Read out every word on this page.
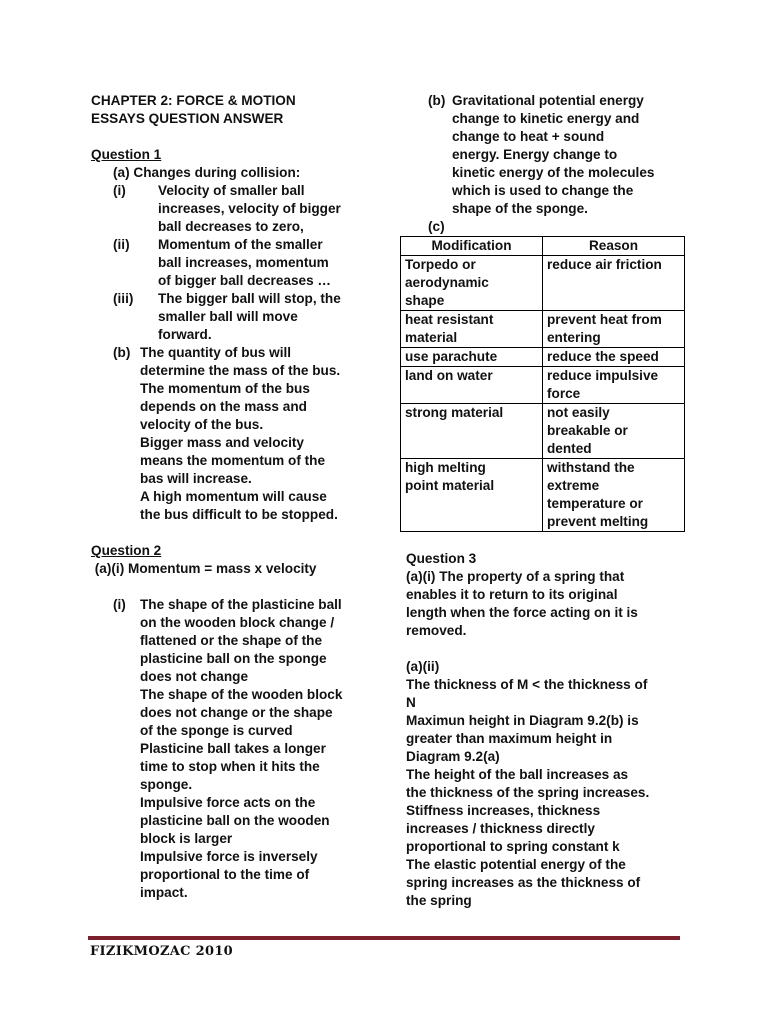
CHAPTER 2: FORCE & MOTION
ESSAYS QUESTION ANSWER
Question 1
(a) Changes during collision:
(i)	Velocity of smaller ball
increases, velocity of bigger
ball decreases to zero,
(ii)	Momentum of the smaller
ball increases, momentum
of bigger ball decreases …
(iii)	The bigger ball will stop, the
smaller ball will move
forward.
(b) The quantity of bus will
determine the mass of the bus.
The momentum of the bus
depends on the mass and
velocity of the bus.
Bigger mass and velocity
means the momentum of the
bas will increase.
A high momentum will cause
the bus difficult to be stopped.
Question 2
(a)(i) Momentum = mass x velocity
(i)	The shape of the plasticine ball
on the wooden block change /
flattened or the shape of the
plasticine ball on the sponge
does not change
The shape of the wooden block
does not change or the shape
of the sponge is curved
Plasticine ball takes a longer
time to stop when it hits the
sponge.
Impulsive force acts on the
plasticine ball on the wooden
block is larger
Impulsive force is inversely
proportional to the time of
impact.
(b) Gravitational potential energy
change to kinetic energy and
change to heat + sound
energy. Energy change to
kinetic energy of the molecules
which is used to change the
shape of the sponge.
(c)
Modification	Reason

Torpedo or
aerodynamic
shape	reduce air friction

heat resistant
material	prevent heat from
entering

use parachute	reduce the speed

land on water	reduce impulsive
force

strong material	not easily
breakable or
dented

high melting
point material	withstand the
extreme
temperature or
prevent melting
Question 3
(a)(i) The property of a spring that
enables it to return to its original
length when the force acting on it is
removed.
(a)(ii)
The thickness of M < the thickness of
N
Maximun height in Diagram 9.2(b) is
greater than maximum height in
Diagram 9.2(a)
The height of the ball increases as
the thickness of the spring increases.
Stiffness increases, thickness
increases / thickness directly
proportional to spring constant k
The elastic potential energy of the
spring increases as the thickness of
the spring
FIZIKMOZAC 2010
